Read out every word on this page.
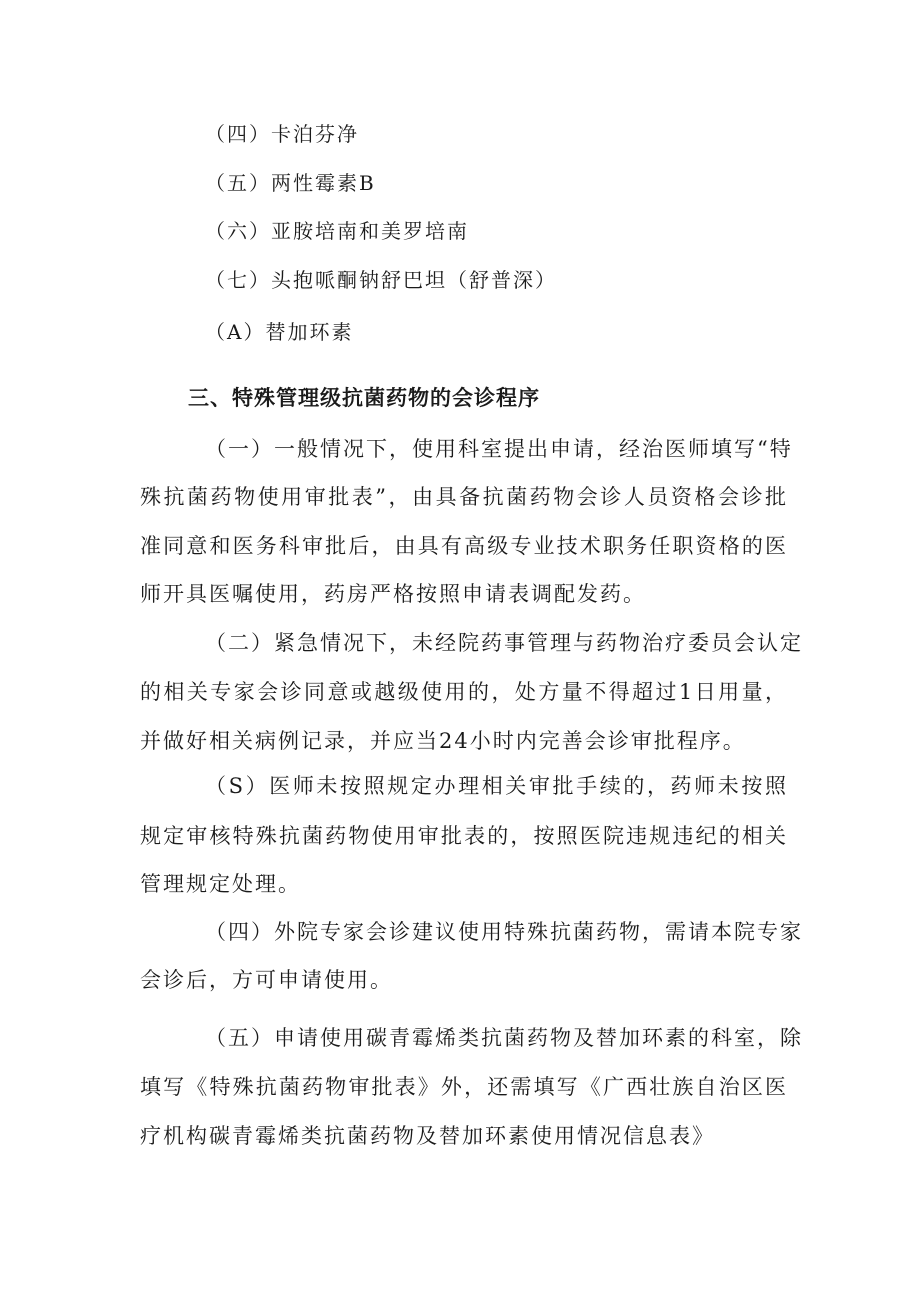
（四）卡泊芬净
（五）两性霉素B
（六）亚胺培南和美罗培南
（七）头抱哌酮钠舒巴坦（舒普深）
（A）替加环素
三、特殊管理级抗菌药物的会诊程序
（一）一般情况下，使用科室提出申请，经治医师填写“特
殊抗菌药物使用审批表”，由具备抗菌药物会诊人员资格会诊批
准同意和医务科审批后，由具有高级专业技术职务任职资格的医
师开具医嘱使用，药房严格按照申请表调配发药。
（二）紧急情况下，未经院药事管理与药物治疗委员会认定
的相关专家会诊同意或越级使用的，处方量不得超过1日用量，
并做好相关病例记录，并应当24小时内完善会诊审批程序。
（S）医师未按照规定办理相关审批手续的，药师未按照
规定审核特殊抗菌药物使用审批表的，按照医院违规违纪的相关
管理规定处理。
（四）外院专家会诊建议使用特殊抗菌药物，需请本院专家
会诊后，方可申请使用。
（五）申请使用碳青霉烯类抗菌药物及替加环素的科室，除
填写《特殊抗菌药物审批表》外，还需填写《广西壮族自治区医
疗机构碳青霉烯类抗菌药物及替加环素使用情况信息表》
